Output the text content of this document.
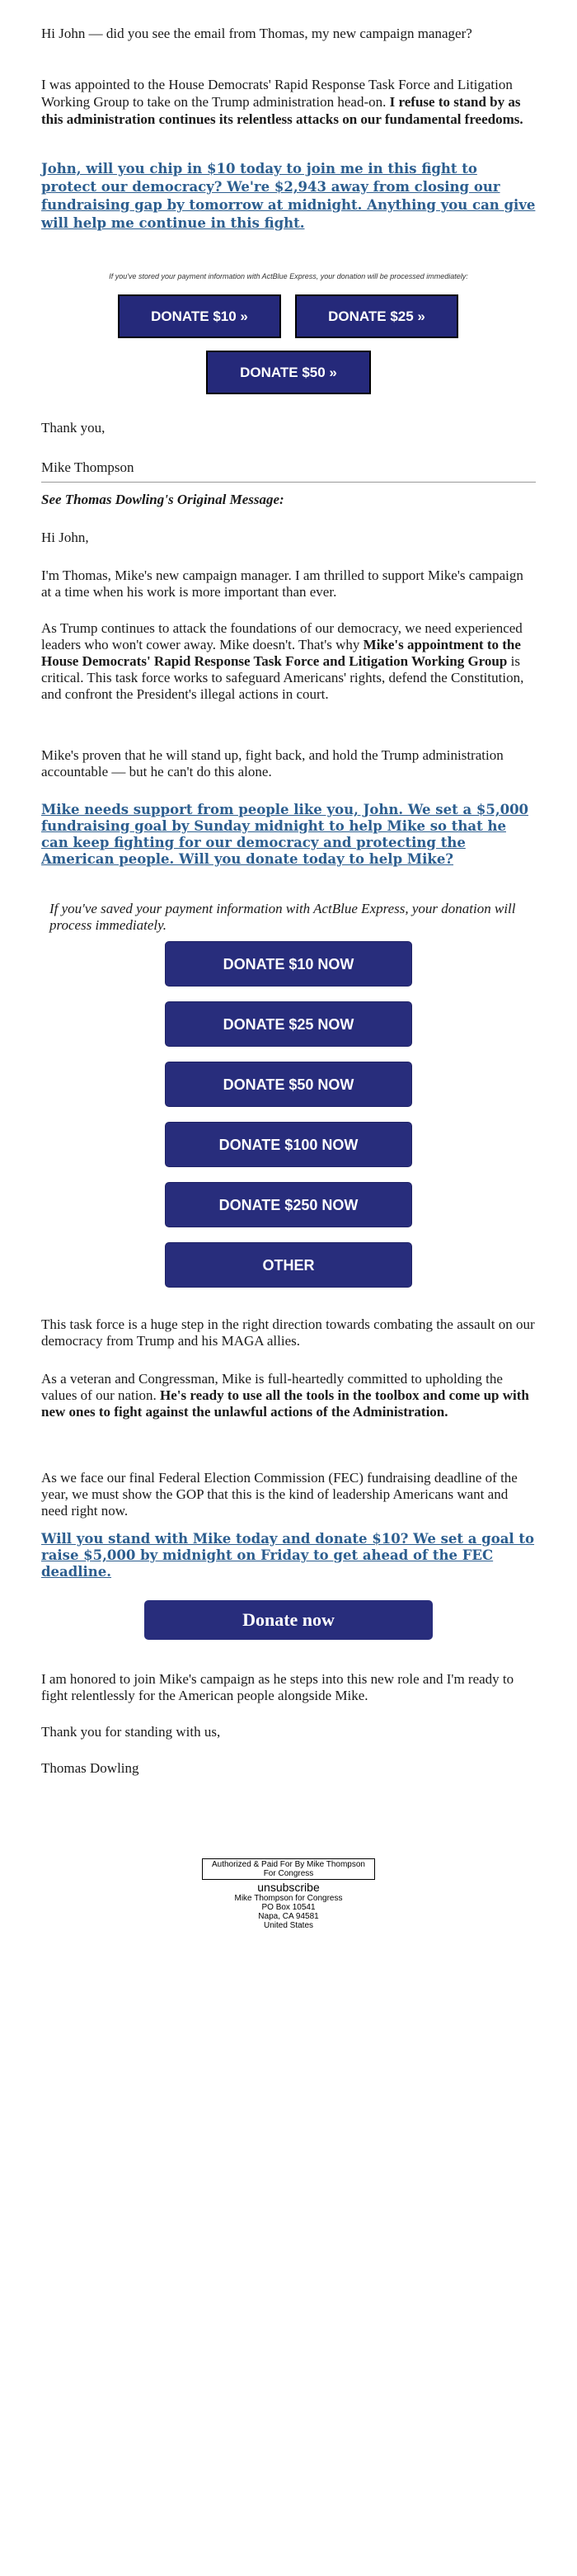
Hi John — did you see the email from Thomas, my new campaign manager?

I was appointed to the House Democrats' Rapid Response Task Force and Litigation Working Group to take on the Trump administration head-on. I refuse to stand by as this administration continues its relentless attacks on our fundamental freedoms.

John, will you chip in $10 today to join me in this fight to protect our democracy? We're $2,943 away from closing our fundraising gap by tomorrow at midnight. Anything you can give will help me continue in this fight.

If you've stored your payment information with ActBlue Express, your donation will be processed immediately:

DONATE $10 »	DONATE $25 »
DONATE $50 »

Thank you,

Mike Thompson

See Thomas Dowling's Original Message:

Hi John,

I'm Thomas, Mike's new campaign manager. I am thrilled to support Mike's campaign at a time when his work is more important than ever.

As Trump continues to attack the foundations of our democracy, we need experienced leaders who won't cower away. Mike doesn't. That's why Mike's appointment to the House Democrats' Rapid Response Task Force and Litigation Working Group is critical. This task force works to safeguard Americans' rights, defend the Constitution, and confront the President's illegal actions in court.

Mike's proven that he will stand up, fight back, and hold the Trump administration accountable — but he can't do this alone.

Mike needs support from people like you, John. We set a $5,000 fundraising goal by Sunday midnight to help Mike so that he can keep fighting for our democracy and protecting the American people. Will you donate today to help Mike?

If you've saved your payment information with ActBlue Express, your donation will process immediately.

DONATE $10 NOW
DONATE $25 NOW
DONATE $50 NOW
DONATE $100 NOW
DONATE $250 NOW
OTHER

This task force is a huge step in the right direction towards combating the assault on our democracy from Trump and his MAGA allies.

As a veteran and Congressman, Mike is full-heartedly committed to upholding the values of our nation. He's ready to use all the tools in the toolbox and come up with new ones to fight against the unlawful actions of the Administration.

As we face our final Federal Election Commission (FEC) fundraising deadline of the year, we must show the GOP that this is the kind of leadership Americans want and need right now.

Will you stand with Mike today and donate $10? We set a goal to raise $5,000 by midnight on Friday to get ahead of the FEC deadline.
Donate now

I am honored to join Mike's campaign as he steps into this new role and I'm ready to fight relentlessly for the American people alongside Mike.

Thank you for standing with us,

Thomas Dowling

Authorized & Paid For By Mike Thompson For Congress
unsubscribe
Mike Thompson for Congress
PO Box 10541
Napa, CA 94581
United States
